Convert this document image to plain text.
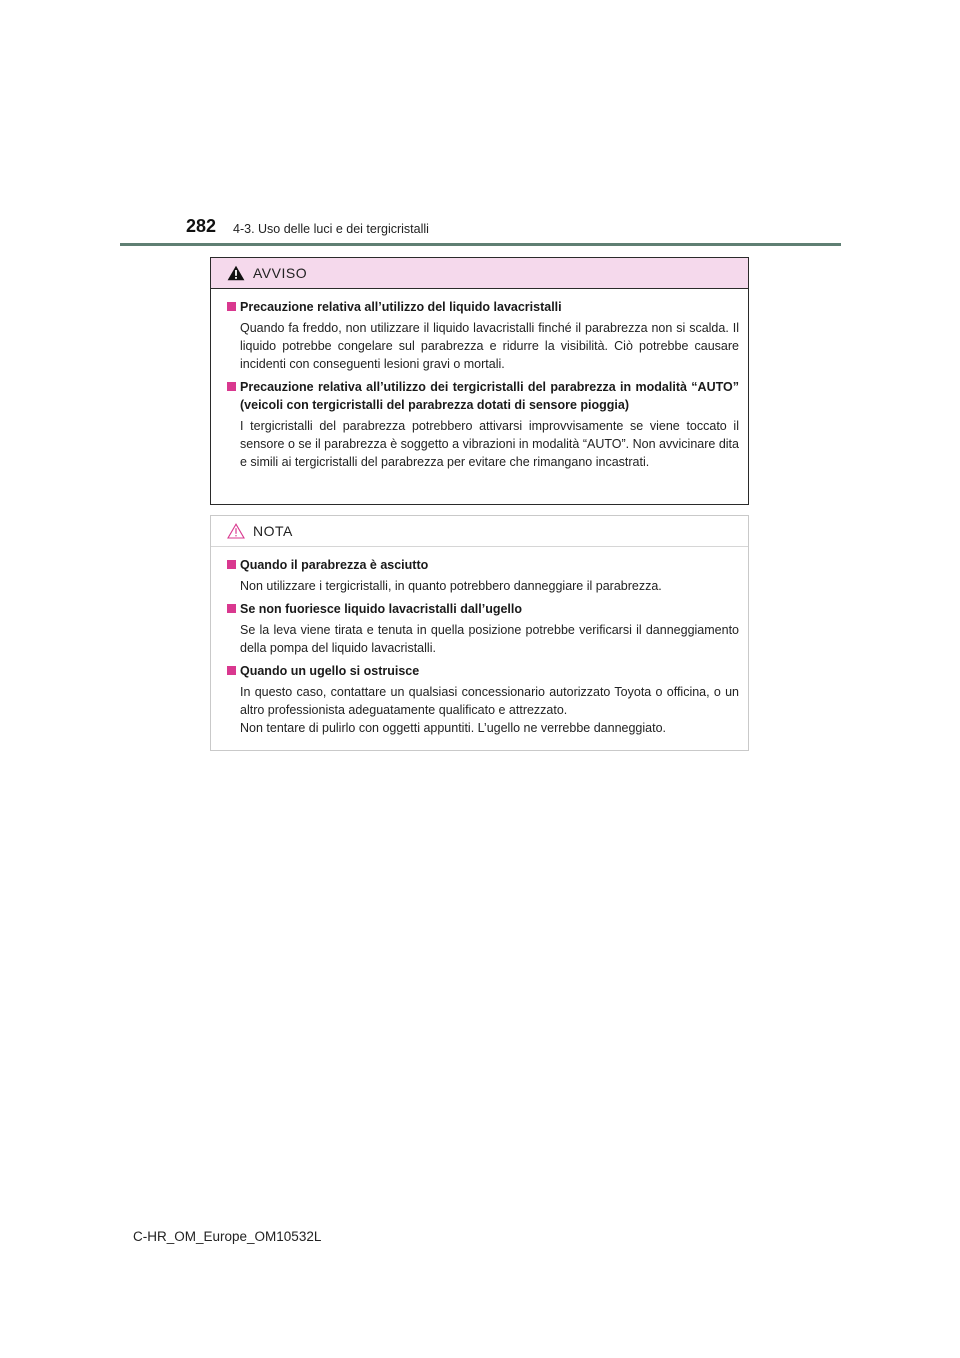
282 4-3. Uso delle luci e dei tergicristalli
AVVISO
Precauzione relativa all’utilizzo del liquido lavacristalli

Quando fa freddo, non utilizzare il liquido lavacristalli finché il parabrezza non si scalda. Il liquido potrebbe congelare sul parabrezza e ridurre la visibilità. Ciò potrebbe causare incidenti con conseguenti lesioni gravi o mortali.

Precauzione relativa all’utilizzo dei tergicristalli del parabrezza in modalità “AUTO” (veicoli con tergicristalli del parabrezza dotati di sensore pioggia)

I tergicristalli del parabrezza potrebbero attivarsi improvvisamente se viene toccato il sensore o se il parabrezza è soggetto a vibrazioni in modalità “AUTO”. Non avvicinare dita e simili ai tergicristalli del parabrezza per evitare che rimangano incastrati.

NOTA
Quando il parabrezza è asciutto

Non utilizzare i tergicristalli, in quanto potrebbero danneggiare il parabrezza.

Se non fuoriesce liquido lavacristalli dall’ugello

Se la leva viene tirata e tenuta in quella posizione potrebbe verificarsi il danneggiamento della pompa del liquido lavacristalli.

Quando un ugello si ostruisce

In questo caso, contattare un qualsiasi concessionario autorizzato Toyota o officina, o un altro professionista adeguatamente qualificato e attrezzato.

Non tentare di pulirlo con oggetti appuntiti. L’ugello ne verrebbe danneggiato.

C-HR_OM_Europe_OM10532L
